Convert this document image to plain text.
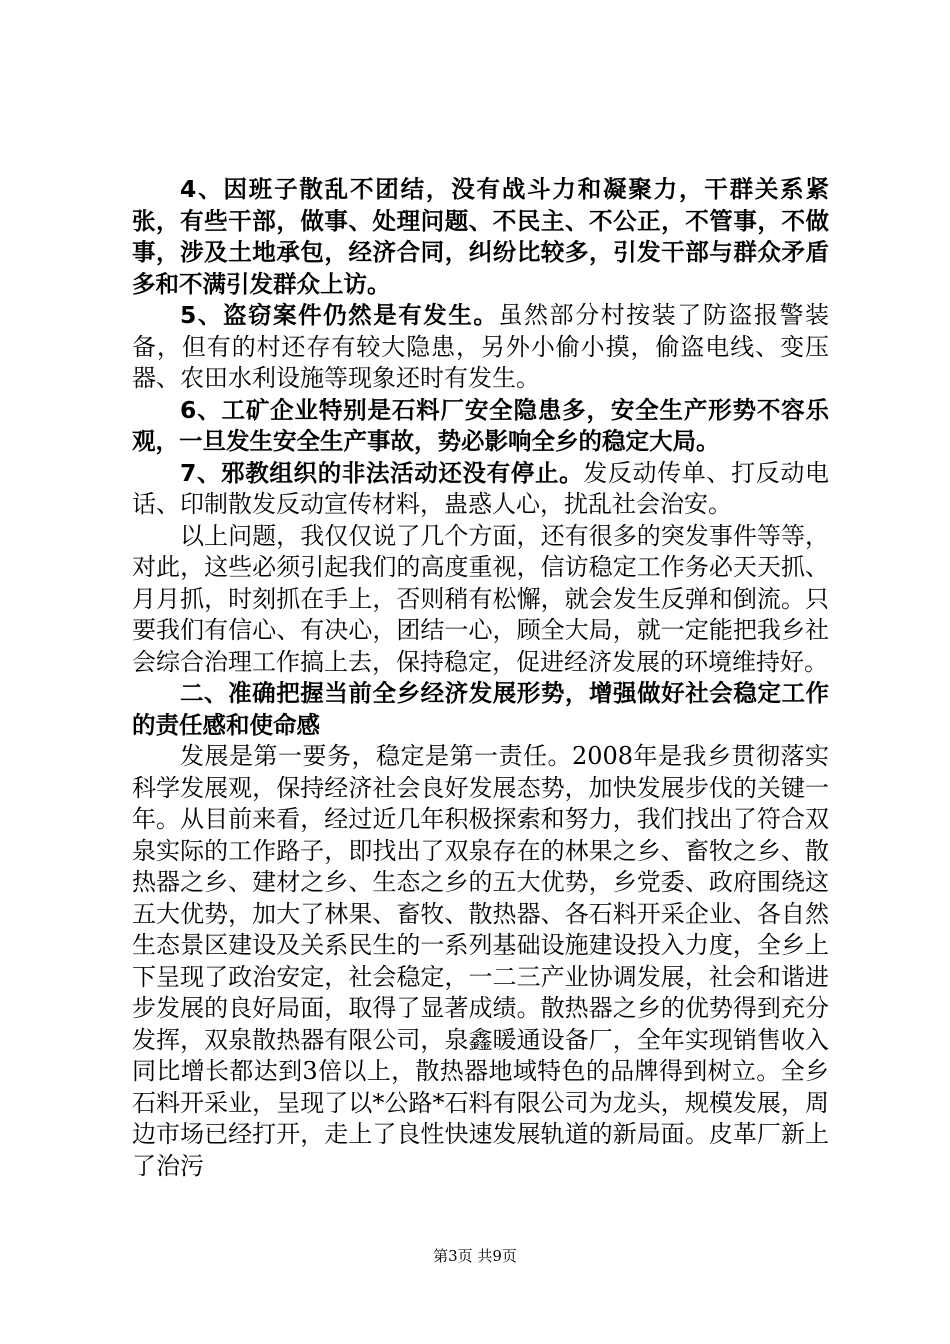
4、因班子散乱不团结，没有战斗力和凝聚力，干群关系紧张，有些干部，做事、处理问题、不民主、不公正，不管事，不做事，涉及土地承包，经济合同，纠纷比较多，引发干部与群众矛盾多和不满引发群众上访。

5、盗窃案件仍然是有发生。虽然部分村按装了防盗报警装备，但有的村还存有较大隐患，另外小偷小摸，偷盗电线、变压器、农田水利设施等现象还时有发生。

6、工矿企业特别是石料厂安全隐患多，安全生产形势不容乐观，一旦发生安全生产事故，势必影响全乡的稳定大局。

7、邪教组织的非法活动还没有停止。发反动传单、打反动电话、印制散发反动宣传材料，蛊惑人心，扰乱社会治安。

以上问题，我仅仅说了几个方面，还有很多的突发事件等等，对此，这些必须引起我们的高度重视，信访稳定工作务必天天抓、月月抓，时刻抓在手上，否则稍有松懈，就会发生反弹和倒流。只要我们有信心、有决心，团结一心，顾全大局，就一定能把我乡社会综合治理工作搞上去，保持稳定，促进经济发展的环境维持好。

二、准确把握当前全乡经济发展形势，增强做好社会稳定工作的责任感和使命感

发展是第一要务，稳定是第一责任。2008年是我乡贯彻落实科学发展观，保持经济社会良好发展态势，加快发展步伐的关键一年。从目前来看，经过近几年积极探索和努力，我们找出了符合双泉实际的工作路子，即找出了双泉存在的林果之乡、畜牧之乡、散热器之乡、建材之乡、生态之乡的五大优势，乡党委、政府围绕这五大优势，加大了林果、畜牧、散热器、各石料开采企业、各自然生态景区建设及关系民生的一系列基础设施建设投入力度，全乡上下呈现了政治安定，社会稳定，一二三产业协调发展，社会和谐进步发展的良好局面，取得了显著成绩。散热器之乡的优势得到充分发挥，双泉散热器有限公司，泉鑫暖通设备厂，全年实现销售收入同比增长都达到3倍以上，散热器地域特色的品牌得到树立。全乡石料开采业，呈现了以*公路*石料有限公司为龙头，规模发展，周边市场已经打开，走上了良性快速发展轨道的新局面。皮革厂新上了治污

第3页 共9页
